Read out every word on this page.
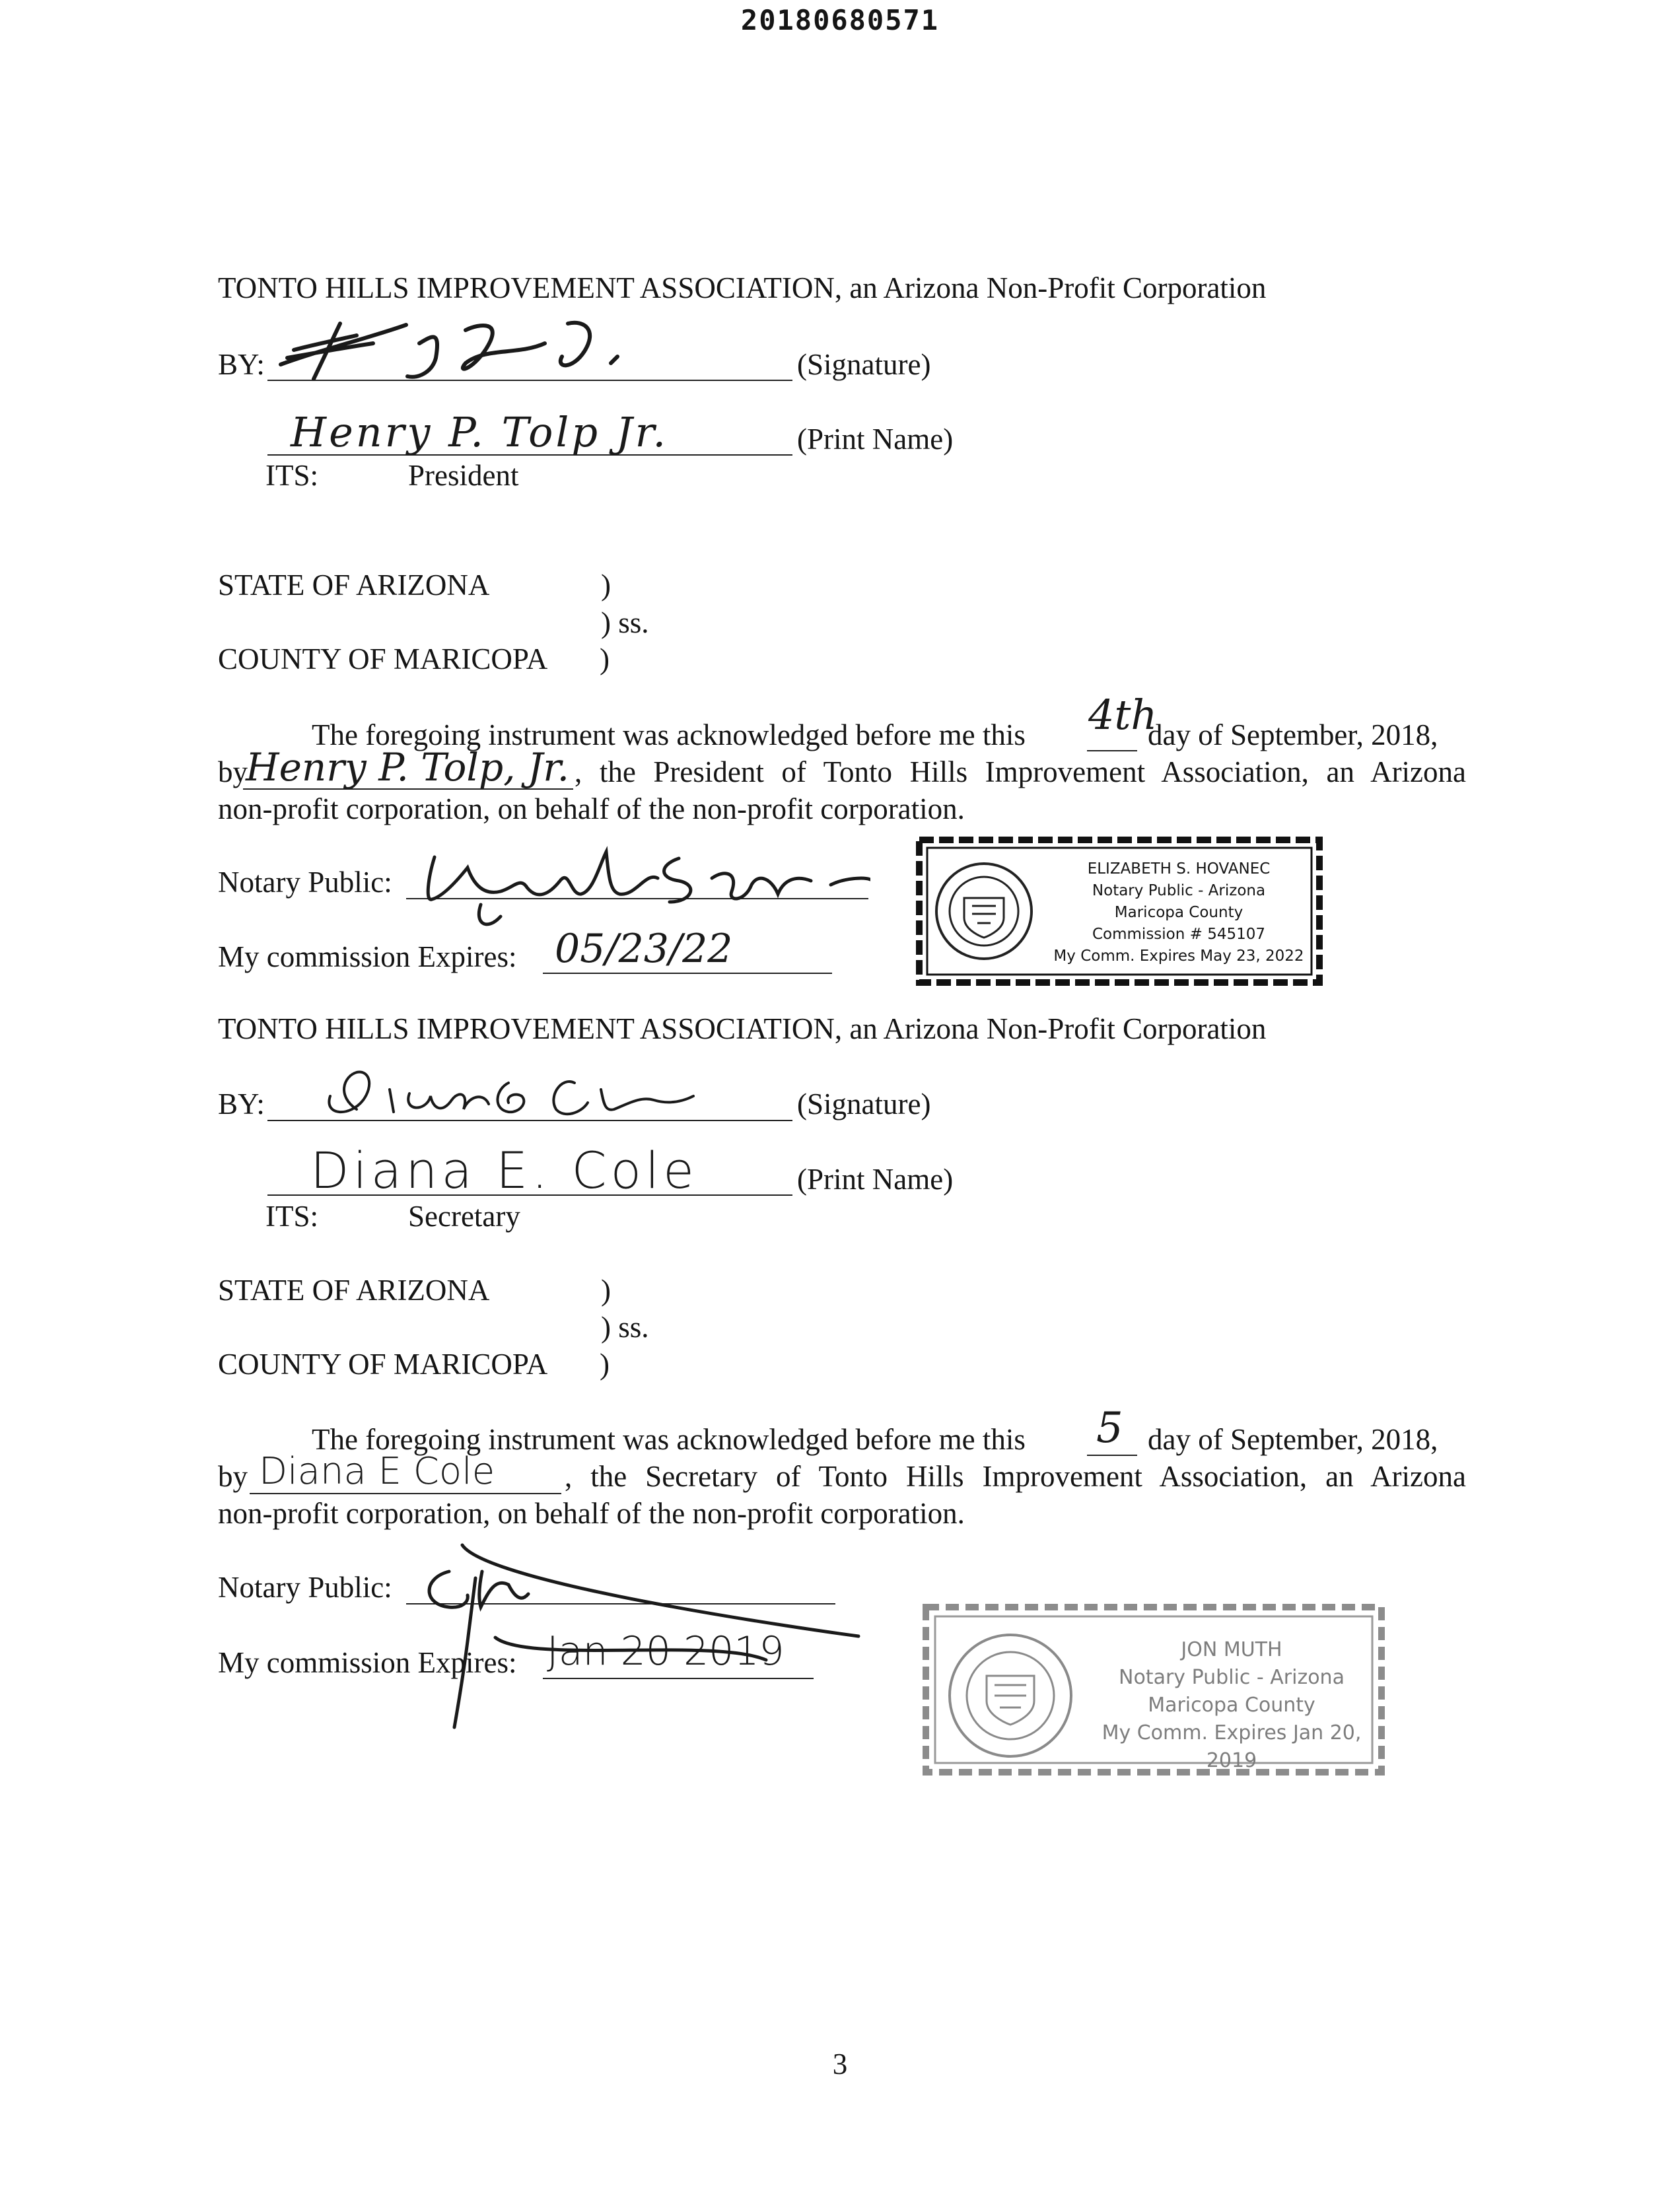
20180680571
TONTO HILLS IMPROVEMENT ASSOCIATION, an Arizona Non-Profit Corporation
BY:	(Signature)
Henry P. Tolp Jr.	(Print Name)
ITS:	President
STATE OF ARIZONA	)
) ss.
COUNTY OF MARICOPA )
The foregoing instrument was acknowledged before me this 4th
day of September, 2018,
by
Henry P. Tolp, Jr. , the President of Tonto Hills Improvement Association, an Arizona
non-profit corporation, on behalf of the non-profit corporation.
Notary Public:
My commission Expires: 05/23/22
ELIZABETH S. HOVANEC
Notary Public - Arizona
Maricopa County
Commission # 545107
My Comm. Expires May 23, 2022
TONTO HILLS IMPROVEMENT ASSOCIATION, an Arizona Non-Profit Corporation
BY:	(Signature)
Diana E. Cole	(Print Name)
ITS:	Secretary
STATE OF ARIZONA	)
) ss.
COUNTY OF MARICOPA )
The foregoing instrument was acknowledged before me this 5 day of September, 2018,
by Diana E Cole , the Secretary of Tonto Hills Improvement Association, an Arizona
non-profit corporation, on behalf of the non-profit corporation.
Notary Public:
My commission Expires: Jan 20 2019	JON MUTH
Notary Public - Arizona
Maricopa County
My Comm. Expires Jan 20, 2019
3
